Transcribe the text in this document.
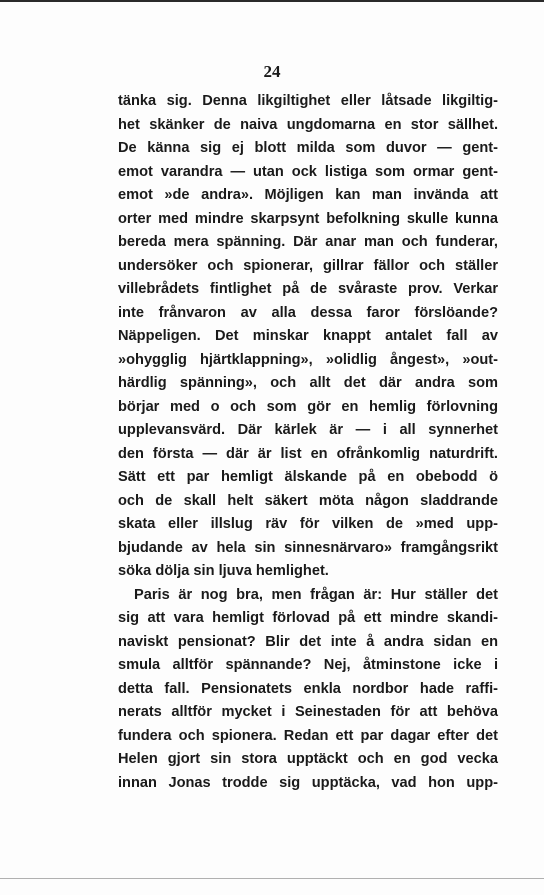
24
tänka sig. Denna likgiltighet eller låtsade likgiltig-
het skänker de naiva ungdomarna en stor sällhet.
De känna sig ej blott milda som duvor — gent-
emot varandra — utan ock listiga som ormar gent-
emot »de andra». Möjligen kan man invända att
orter med mindre skarpsynt befolkning skulle kunna
bereda mera spänning. Där anar man och funderar,
undersöker och spionerar, gillrar fällor och ställer
villebrådets fintlighet på de svåraste prov. Verkar
inte frånvaron av alla dessa faror förslöande?
Näppeligen. Det minskar knappt antalet fall av
»ohygglig hjärtklappning», »olidlig ångest», »out-
härdlig spänning», och allt det där andra som
börjar med o och som gör en hemlig förlovning
upplevansvärd. Där kärlek är — i all synnerhet
den första — där är list en ofrånkomlig naturdrift.
Sätt ett par hemligt älskande på en obebodd ö
och de skall helt säkert möta någon sladdrande
skata eller illslug räv för vilken de »med upp-
bjudande av hela sin sinnesnärvaro» framgångsrikt
söka dölja sin ljuva hemlighet.
Paris är nog bra, men frågan är: Hur ställer det
sig att vara hemligt förlovad på ett mindre skandi-
naviskt pensionat? Blir det inte å andra sidan en
smula alltför spännande? Nej, åtminstone icke i
detta fall. Pensionatets enkla nordbor hade raffi-
nerats alltför mycket i Seinestaden för att behöva
fundera och spionera. Redan ett par dagar efter det
Helen gjort sin stora upptäckt och en god vecka
innan Jonas trodde sig upptäcka, vad hon upp-
